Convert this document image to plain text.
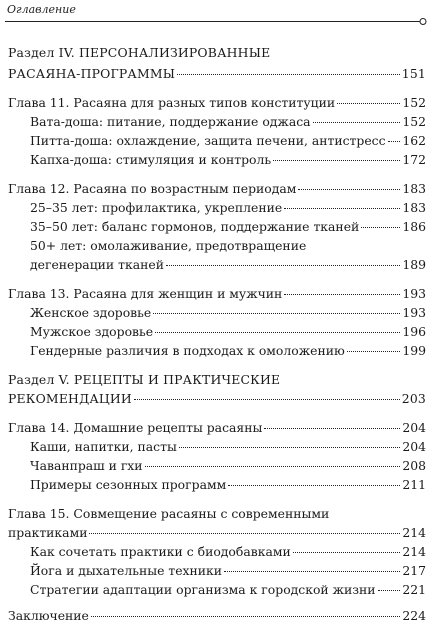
Оглавление
Раздел IV. ПЕРСОНАЛИЗИРОВАННЫЕ
РАСАЯНА-ПРОГРАММЫ	151
Глава 11. Расаяна для разных типов конституции	152
Вата-доша: питание, поддержание оджаса	152
Питта-доша: охлаждение, защита печени, антистресс 162
Капха-доша: стимуляция и контроль	172
Глава 12. Расаяна по возрастным периодам	183
25–35 лет: профилактика, укрепление	183
35–50 лет: баланс гормонов, поддержание тканей	186
50+ лет: омолаживание, предотвращение
дегенерации тканей	189
Глава 13. Расаяна для женщин и мужчин	193
Женское здоровье	193
Мужское здоровье	196
Гендерные различия в подходах к омоложению	199
Раздел V. РЕЦЕПТЫ И ПРАКТИЧЕСКИЕ
РЕКОМЕНДАЦИИ	203
Глава 14. Домашние рецепты расаяны	204
Каши, напитки, пасты	204
Чаванпраш и гхи	208
Примеры сезонных программ	211
Глава 15. Совмещение расаяны с современными
практиками	214
Как сочетать практики с биодобавками	214
Йога и дыхательные техники	217
Стратегии адаптации организма к городской жизни 221
Заключение	224
